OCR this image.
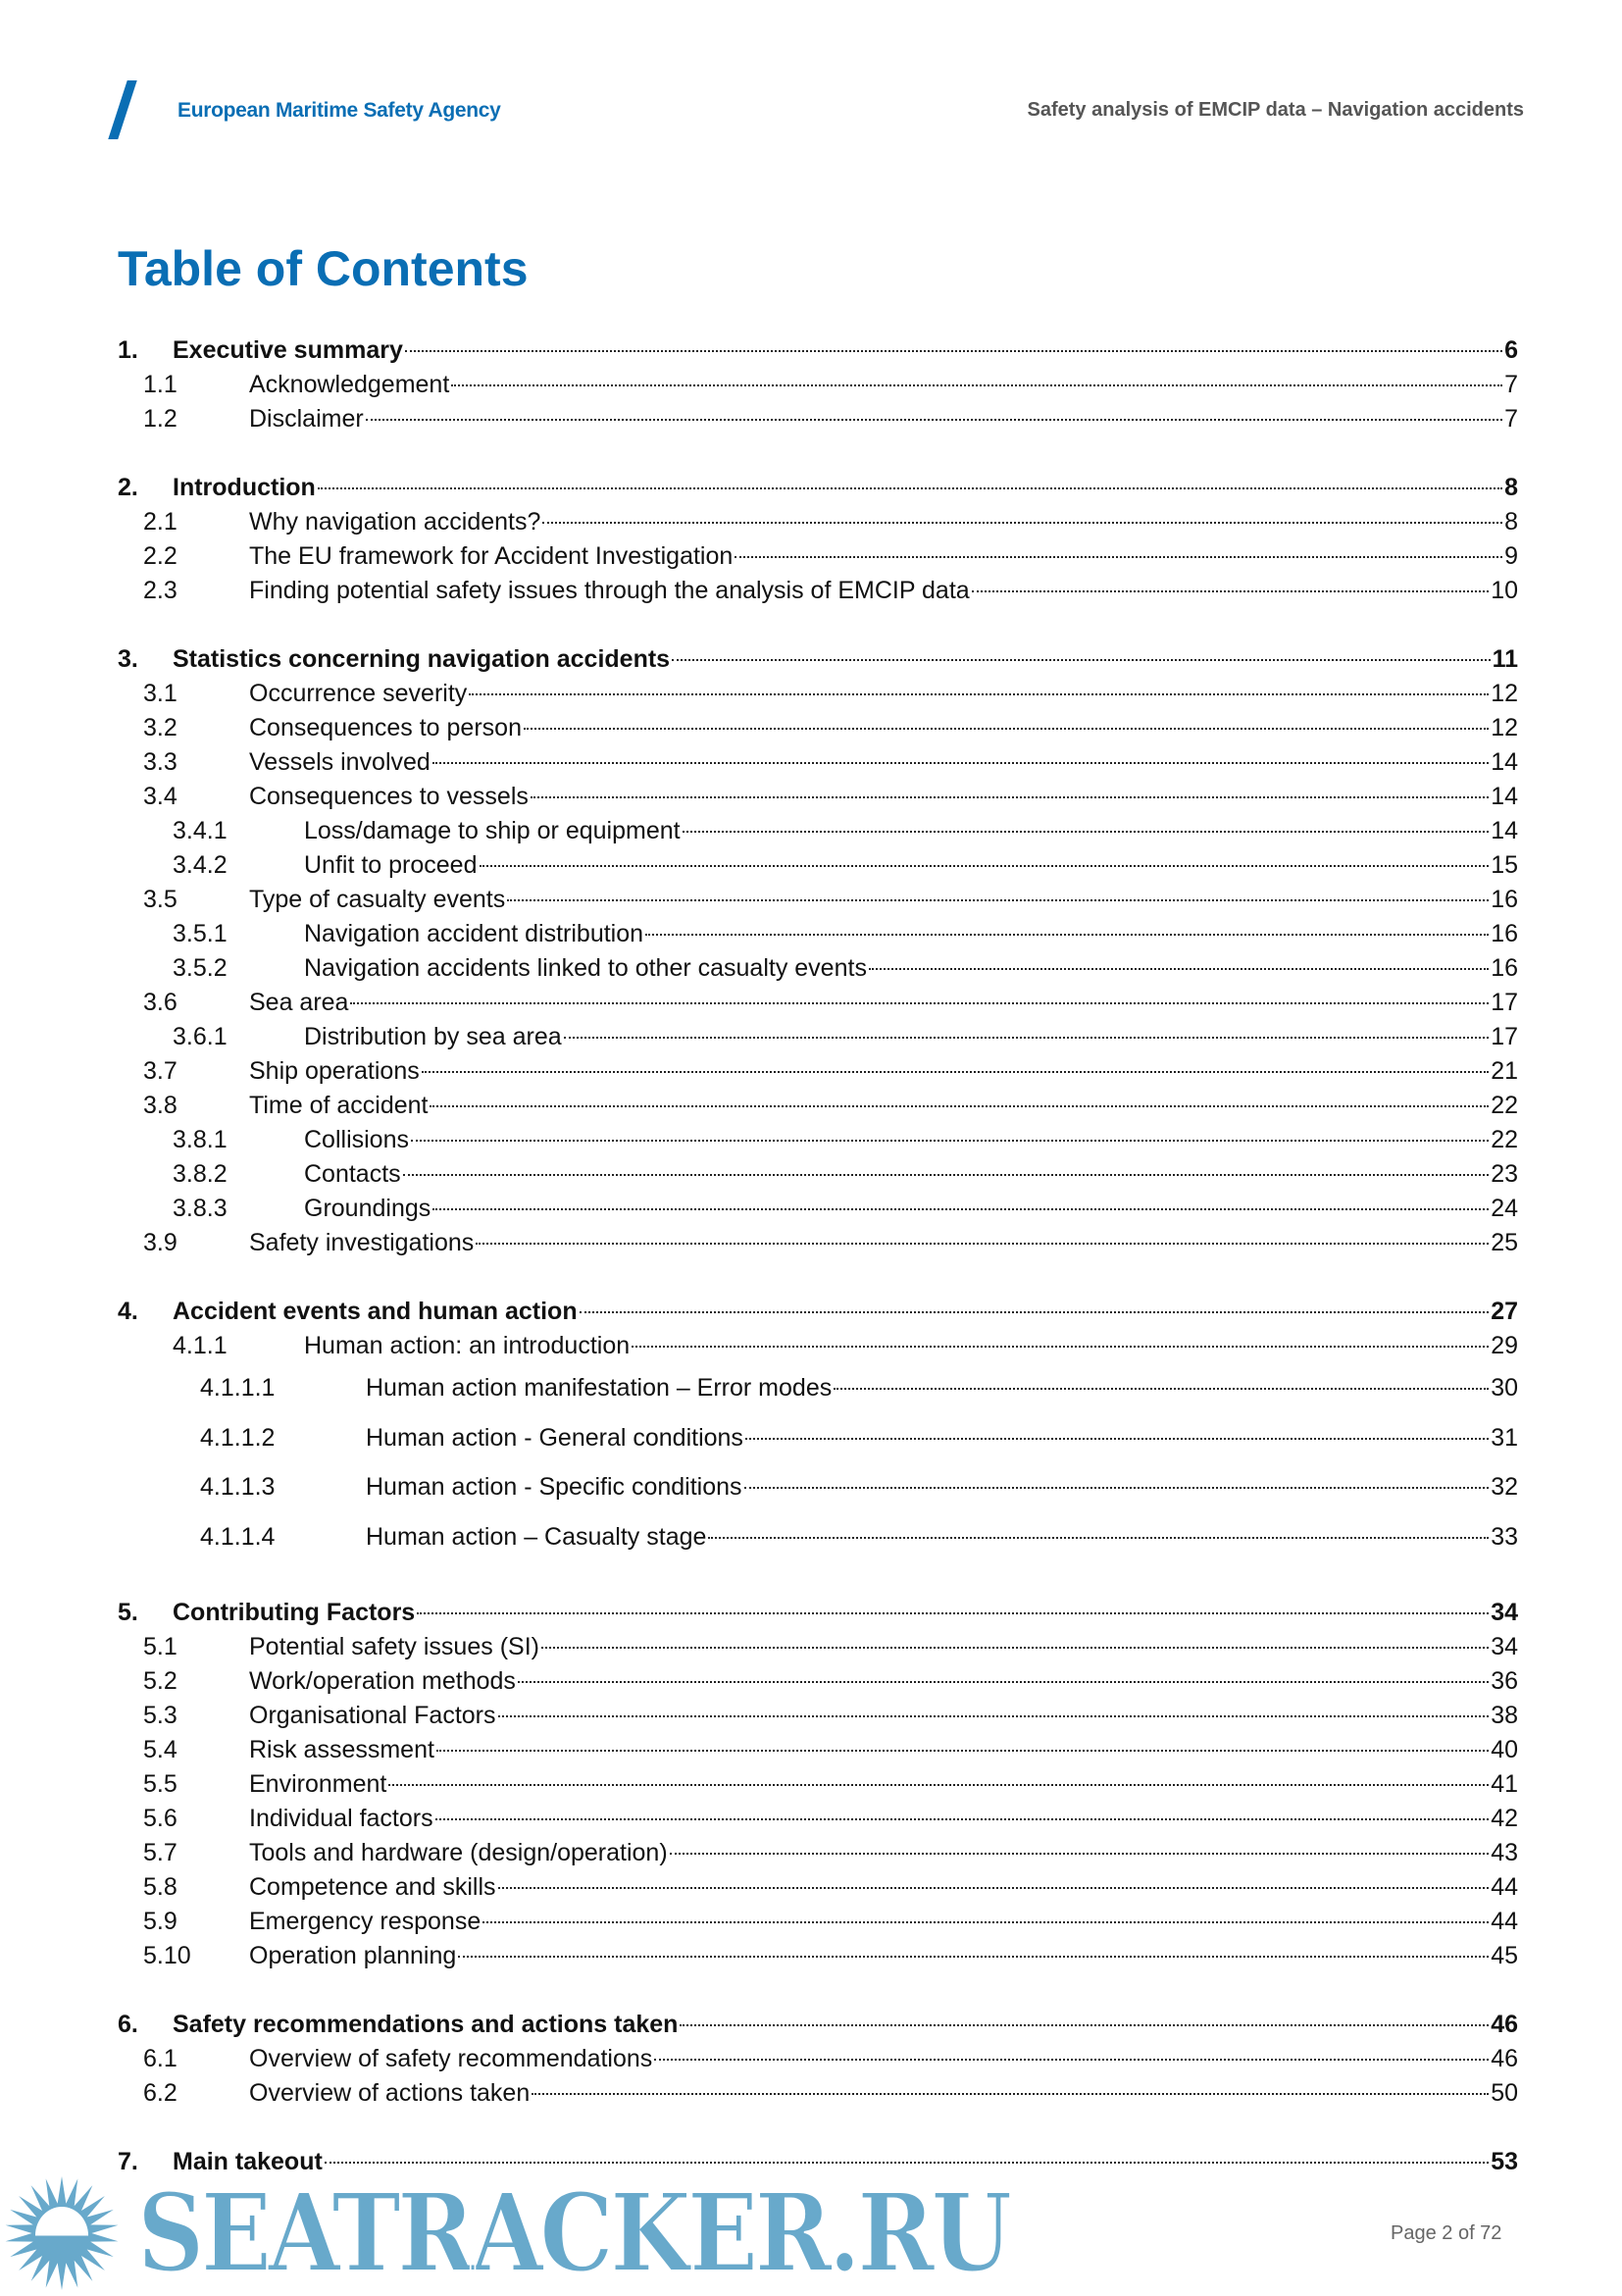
European Maritime Safety Agency	Safety analysis of EMCIP data – Navigation accidents
Table of Contents
1.	Executive summary	6
1.1	Acknowledgement	7
1.2	Disclaimer	7
2.	Introduction	8
2.1	Why navigation accidents?	8
2.2	The EU framework for Accident Investigation	9
2.3	Finding potential safety issues through the analysis of EMCIP data	10
3.	Statistics concerning navigation accidents	11
3.1	Occurrence severity	12
3.2	Consequences to person	12
3.3	Vessels involved	14
3.4	Consequences to vessels	14
3.4.1	Loss/damage to ship or equipment	14
3.4.2	Unfit to proceed	15
3.5	Type of casualty events	16
3.5.1	Navigation accident distribution	16
3.5.2	Navigation accidents linked to other casualty events	16
3.6	Sea area	17
3.6.1	Distribution by sea area	17
3.7	Ship operations	21
3.8	Time of accident	22
3.8.1	Collisions	22
3.8.2	Contacts	23
3.8.3	Groundings	24
3.9	Safety investigations	25
4.	Accident events and human action	27
4.1.1	Human action: an introduction	29
4.1.1.1	Human action manifestation – Error modes	30
4.1.1.2	Human action - General conditions	31
4.1.1.3	Human action - Specific conditions	32
4.1.1.4	Human action – Casualty stage	33
5.	Contributing Factors	34
5.1	Potential safety issues (SI)	34
5.2	Work/operation methods	36
5.3	Organisational Factors	38
5.4	Risk assessment	40
5.5	Environment	41
5.6	Individual factors	42
5.7	Tools and hardware (design/operation)	43
5.8	Competence and skills	44
5.9	Emergency response	44
5.10	Operation planning	45
6.	Safety recommendations and actions taken	46
6.1	Overview of safety recommendations	46
6.2	Overview of actions taken	50
7.	Main takeout	53
SEATRACKER.RU	Page 2 of 72
